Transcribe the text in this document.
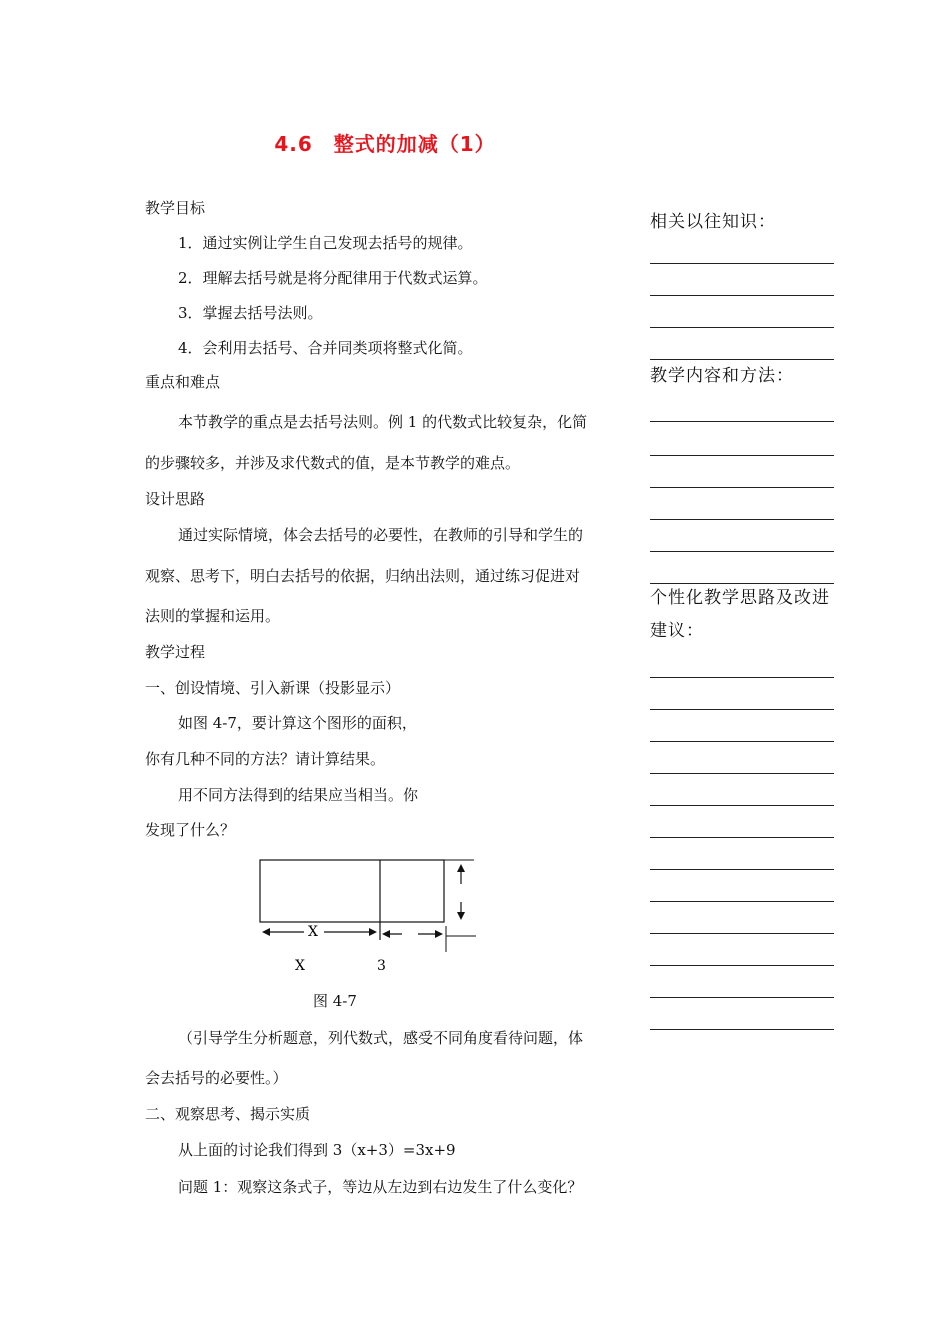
4.6　整式的加减（1）
教学目标
1．通过实例让学生自己发现去括号的规律。
2．理解去括号就是将分配律用于代数式运算。
3．掌握去括号法则。
4．会利用去括号、合并同类项将整式化简。
重点和难点
本节教学的重点是去括号法则。例 1 的代数式比较复杂，化简
的步骤较多，并涉及求代数式的值，是本节教学的难点。
设计思路
通过实际情境，体会去括号的必要性，在教师的引导和学生的
观察、思考下，明白去括号的依据，归纳出法则，通过练习促进对
法则的掌握和运用。
教学过程
一、创设情境、引入新课（投影显示）
如图 4-7，要计算这个图形的面积，
你有几种不同的方法？请计算结果。
用不同方法得到的结果应当相当。你
发现了什么？
X
X	3
图 4-7
（引导学生分析题意，列代数式，感受不同角度看待问题，体
会去括号的必要性。）
二、观察思考、揭示实质
从上面的讨论我们得到 3（x+3）=3x+9
问题 1：观察这条式子，等边从左边到右边发生了什么变化？
相关以往知识：
教学内容和方法：
个性化教学思路及改进
建议：
